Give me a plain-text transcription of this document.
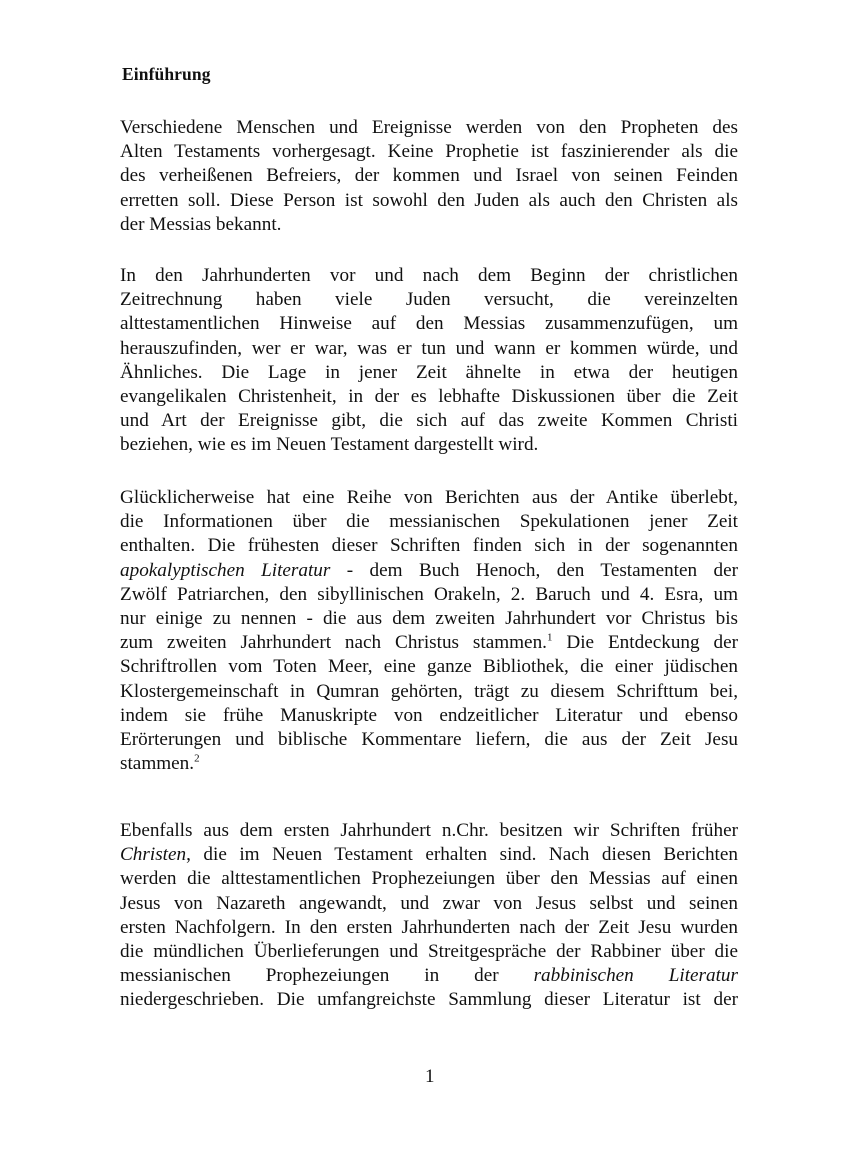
Einführung
Verschiedene Menschen und Ereignisse werden von den Propheten des
Alten Testaments vorhergesagt. Keine Prophetie ist faszinierender als die
des verheißenen Befreiers, der kommen und Israel von seinen Feinden
erretten soll. Diese Person ist sowohl den Juden als auch den Christen als
der Messias bekannt.
In den Jahrhunderten vor und nach dem Beginn der christlichen
Zeitrechnung haben viele Juden versucht, die vereinzelten
alttestamentlichen Hinweise auf den Messias zusammenzufügen, um
herauszufinden, wer er war, was er tun und wann er kommen würde, und
Ähnliches. Die Lage in jener Zeit ähnelte in etwa der heutigen
evangelikalen Christenheit, in der es lebhafte Diskussionen über die Zeit
und Art der Ereignisse gibt, die sich auf das zweite Kommen Christi
beziehen, wie es im Neuen Testament dargestellt wird.
Glücklicherweise hat eine Reihe von Berichten aus der Antike überlebt,
die Informationen über die messianischen Spekulationen jener Zeit
enthalten. Die frühesten dieser Schriften finden sich in der sogenannten
apokalyptischen Literatur - dem Buch Henoch, den Testamenten der
Zwölf Patriarchen, den sibyllinischen Orakeln, 2. Baruch und 4. Esra, um
nur einige zu nennen - die aus dem zweiten Jahrhundert vor Christus bis
zum zweiten Jahrhundert nach Christus stammen.$^1$ Die Entdeckung der
Schriftrollen vom Toten Meer, eine ganze Bibliothek, die einer jüdischen
Klostergemeinschaft in Qumran gehörten, trägt zu diesem Schrifttum bei,
indem sie frühe Manuskripte von endzeitlicher Literatur und ebenso
Erörterungen und biblische Kommentare liefern, die aus der Zeit Jesu
stammen.$^2$
Ebenfalls aus dem ersten Jahrhundert n.Chr. besitzen wir Schriften früher
Christen, die im Neuen Testament erhalten sind. Nach diesen Berichten
werden die alttestamentlichen Prophezeiungen über den Messias auf einen
Jesus von Nazareth angewandt, und zwar von Jesus selbst und seinen
ersten Nachfolgern. In den ersten Jahrhunderten nach der Zeit Jesu wurden
die mündlichen Überlieferungen und Streitgespräche der Rabbiner über die
messianischen Prophezeiungen in der rabbinischen Literatur
niedergeschrieben. Die umfangreichste Sammlung dieser Literatur ist der
1
